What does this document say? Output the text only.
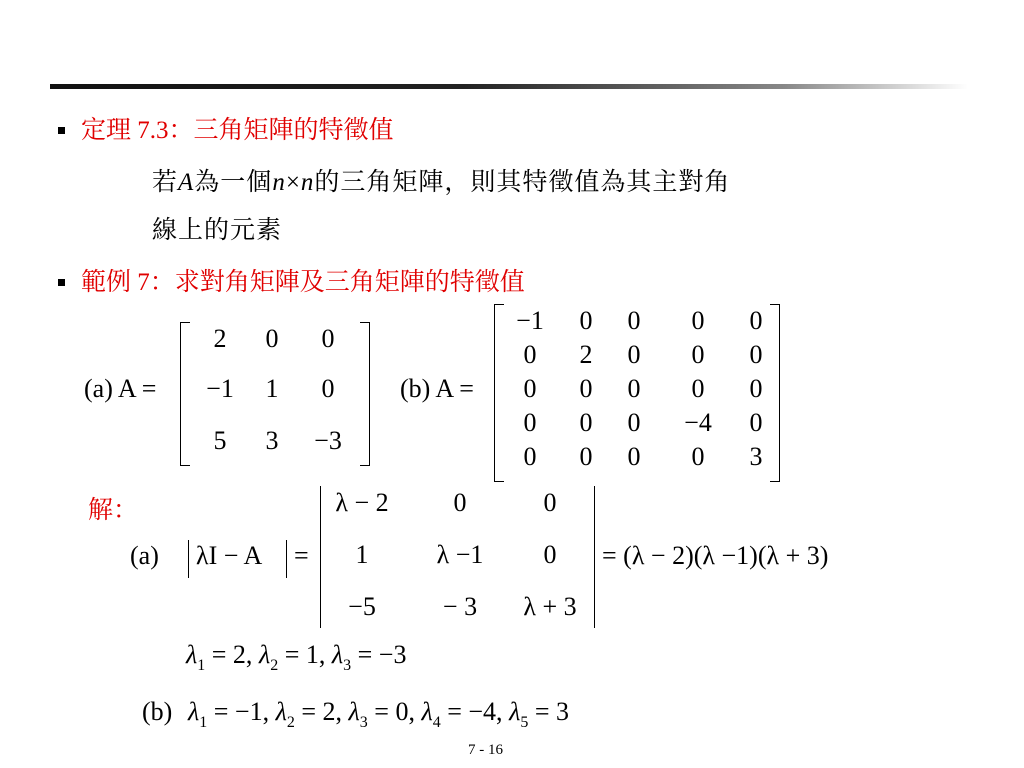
定理 7.3：三角矩陣的特徵值
若A為一個n×n的三角矩陣，則其特徵值為其主對角
線上的元素
範例 7：求對角矩陣及三角矩陣的特徵值
(a) A =
2	0	0
−1	1	0
5	3	−3
(b) A =
−1	0	0	0	0
0	2	0	0	0
0	0	0	0	0
0	0	0	−4	0
0	0	0	0	3
解：
(a) λI − A =
λ − 2	0	0
1	λ −1	0
−5	− 3	λ + 3
= (λ − 2)(λ −1)(λ + 3)
$\lambda_1 = 2$, $\lambda_2 = 1$, $\lambda_3 = -3$
(b) $\lambda_1 = -1$, $\lambda_2 = 2$, $\lambda_3 = 0$, $\lambda_4 = -4$, $\lambda_5 = 3$
7 - 16
